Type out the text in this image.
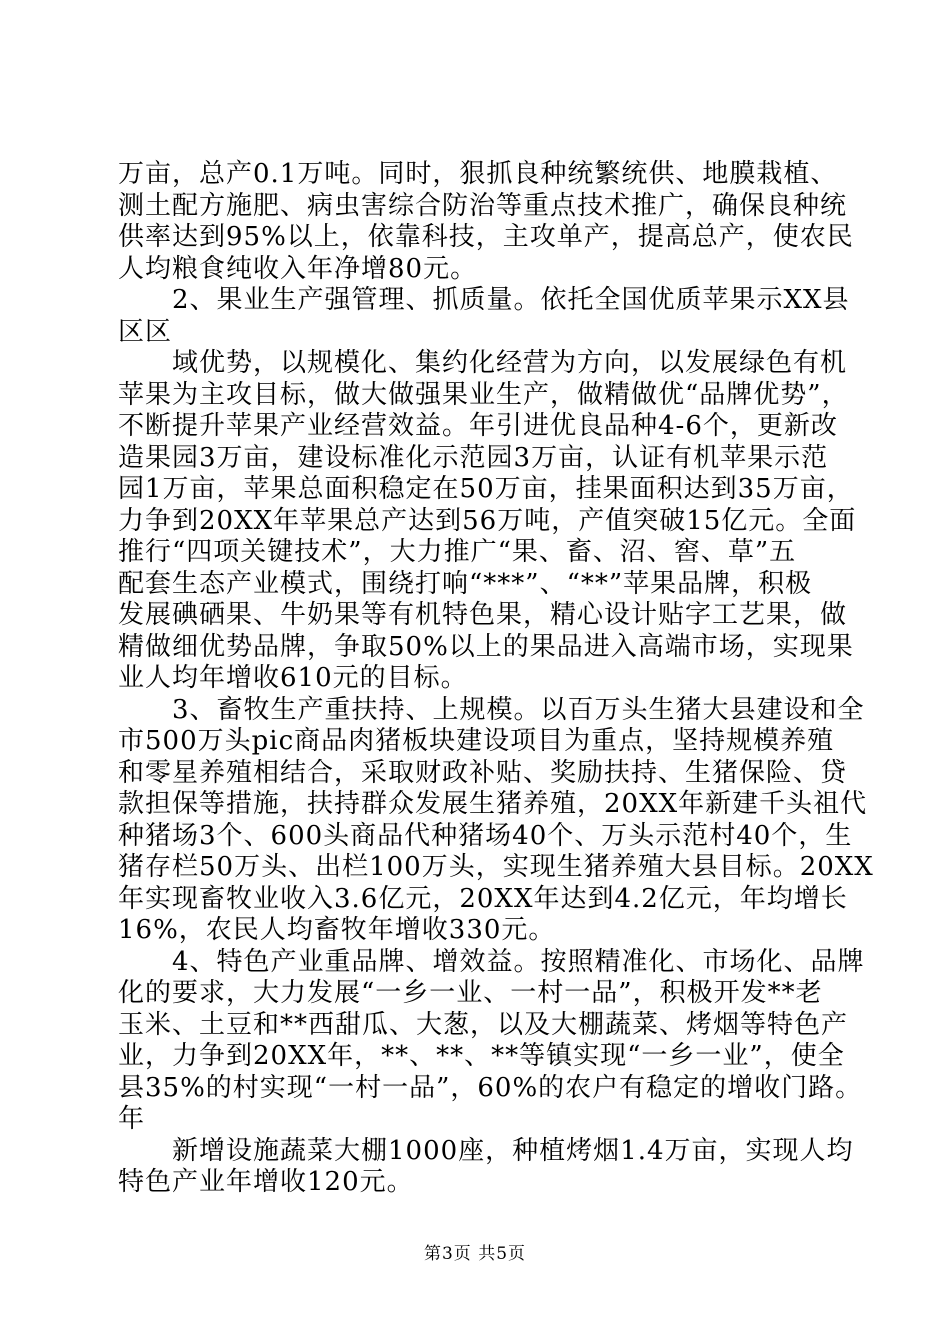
万亩，总产0.1万吨。同时，狠抓良种统繁统供、地膜栽植、
测土配方施肥、病虫害综合防治等重点技术推广，确保良种统
供率达到95%以上，依靠科技，主攻单产，提高总产，使农民
人均粮食纯收入年净增80元。
　　2、果业生产强管理、抓质量。依托全国优质苹果示XX县
区区
　　域优势，以规模化、集约化经营为方向，以发展绿色有机
苹果为主攻目标，做大做强果业生产，做精做优“品牌优势”，
不断提升苹果产业经营效益。年引进优良品种4-6个，更新改
造果园3万亩，建设标准化示范园3万亩，认证有机苹果示范
园1万亩，苹果总面积稳定在50万亩，挂果面积达到35万亩，
力争到20XX年苹果总产达到56万吨，产值突破15亿元。全面
推行“四项关键技术”，大力推广“果、畜、沼、窖、草”五
配套生态产业模式，围绕打响“***”、“**”苹果品牌，积极
发展碘硒果、牛奶果等有机特色果，精心设计贴字工艺果，做
精做细优势品牌，争取50%以上的果品进入高端市场，实现果
业人均年增收610元的目标。
　　3、畜牧生产重扶持、上规模。以百万头生猪大县建设和全
市500万头pic商品肉猪板块建设项目为重点，坚持规模养殖
和零星养殖相结合，采取财政补贴、奖励扶持、生猪保险、贷
款担保等措施，扶持群众发展生猪养殖，20XX年新建千头祖代
种猪场3个、600头商品代种猪场40个、万头示范村40个，生
猪存栏50万头、出栏100万头，实现生猪养殖大县目标。20XX
年实现畜牧业收入3.6亿元，20XX年达到4.2亿元，年均增长
16%，农民人均畜牧年增收330元。
　　4、特色产业重品牌、增效益。按照精准化、市场化、品牌
化的要求，大力发展“一乡一业、一村一品”，积极开发**老
玉米、土豆和**西甜瓜、大葱，以及大棚蔬菜、烤烟等特色产
业，力争到20XX年，**、**、**等镇实现“一乡一业”，使全
县35%的村实现“一村一品”，60%的农户有稳定的增收门路。
年
　　新增设施蔬菜大棚1000座，种植烤烟1.4万亩，实现人均
特色产业年增收120元。
第3页 共5页
